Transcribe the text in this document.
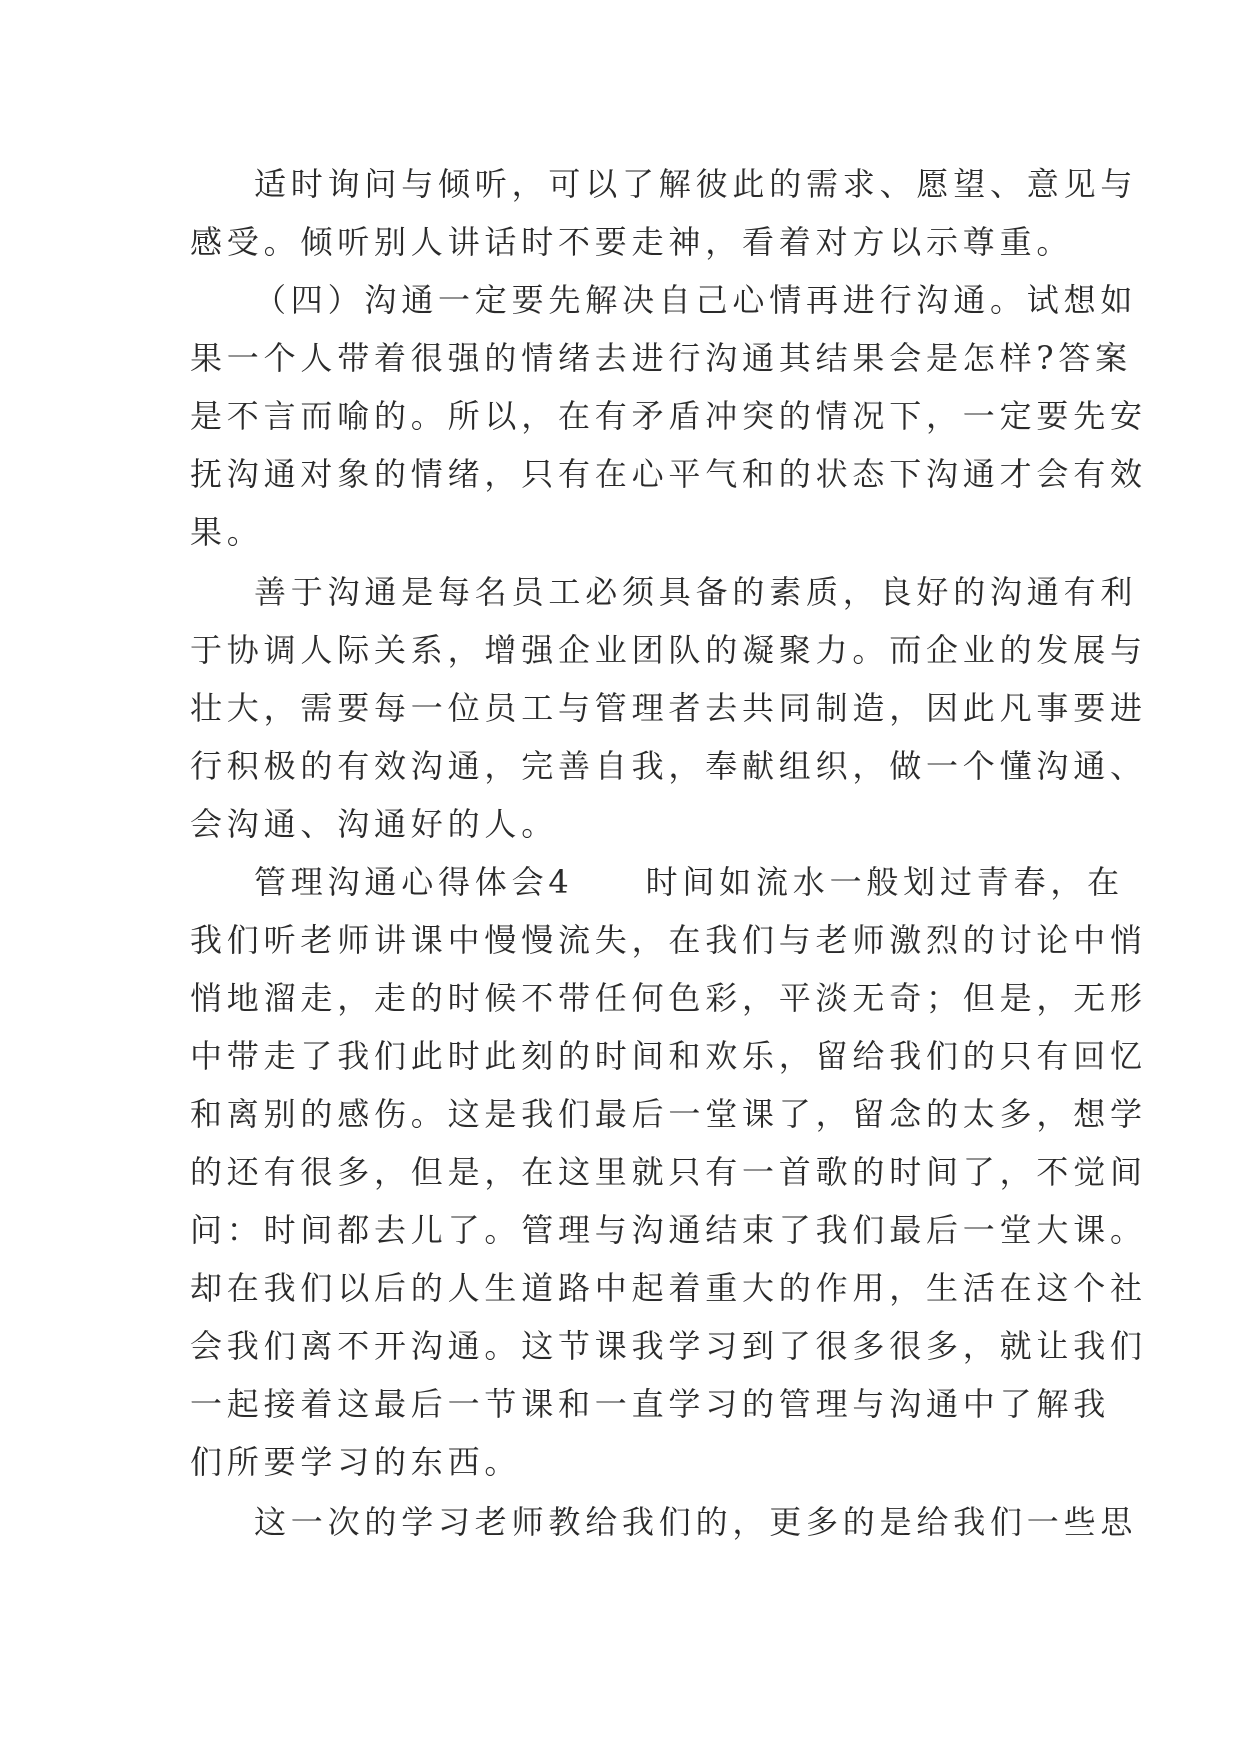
适时询问与倾听，可以了解彼此的需求、愿望、意见与
感受。倾听别人讲话时不要走神，看着对方以示尊重。
（四）沟通一定要先解决自己心情再进行沟通。试想如
果一个人带着很强的情绪去进行沟通其结果会是怎样?答案
是不言而喻的。所以，在有矛盾冲突的情况下，一定要先安
抚沟通对象的情绪，只有在心平气和的状态下沟通才会有效
果。
善于沟通是每名员工必须具备的素质，良好的沟通有利
于协调人际关系，增强企业团队的凝聚力。而企业的发展与
壮大，需要每一位员工与管理者去共同制造，因此凡事要进
行积极的有效沟通，完善自我，奉献组织，做一个懂沟通、
会沟通、沟通好的人。
管理沟通心得体会4 时间如流水一般划过青春，在
我们听老师讲课中慢慢流失，在我们与老师激烈的讨论中悄
悄地溜走，走的时候不带任何色彩，平淡无奇；但是，无形
中带走了我们此时此刻的时间和欢乐，留给我们的只有回忆
和离别的感伤。这是我们最后一堂课了，留念的太多，想学
的还有很多，但是，在这里就只有一首歌的时间了，不觉间
问：时间都去儿了。管理与沟通结束了我们最后一堂大课。
却在我们以后的人生道路中起着重大的作用，生活在这个社
会我们离不开沟通。这节课我学习到了很多很多，就让我们
一起接着这最后一节课和一直学习的管理与沟通中了解我
们所要学习的东西。
这一次的学习老师教给我们的，更多的是给我们一些思
